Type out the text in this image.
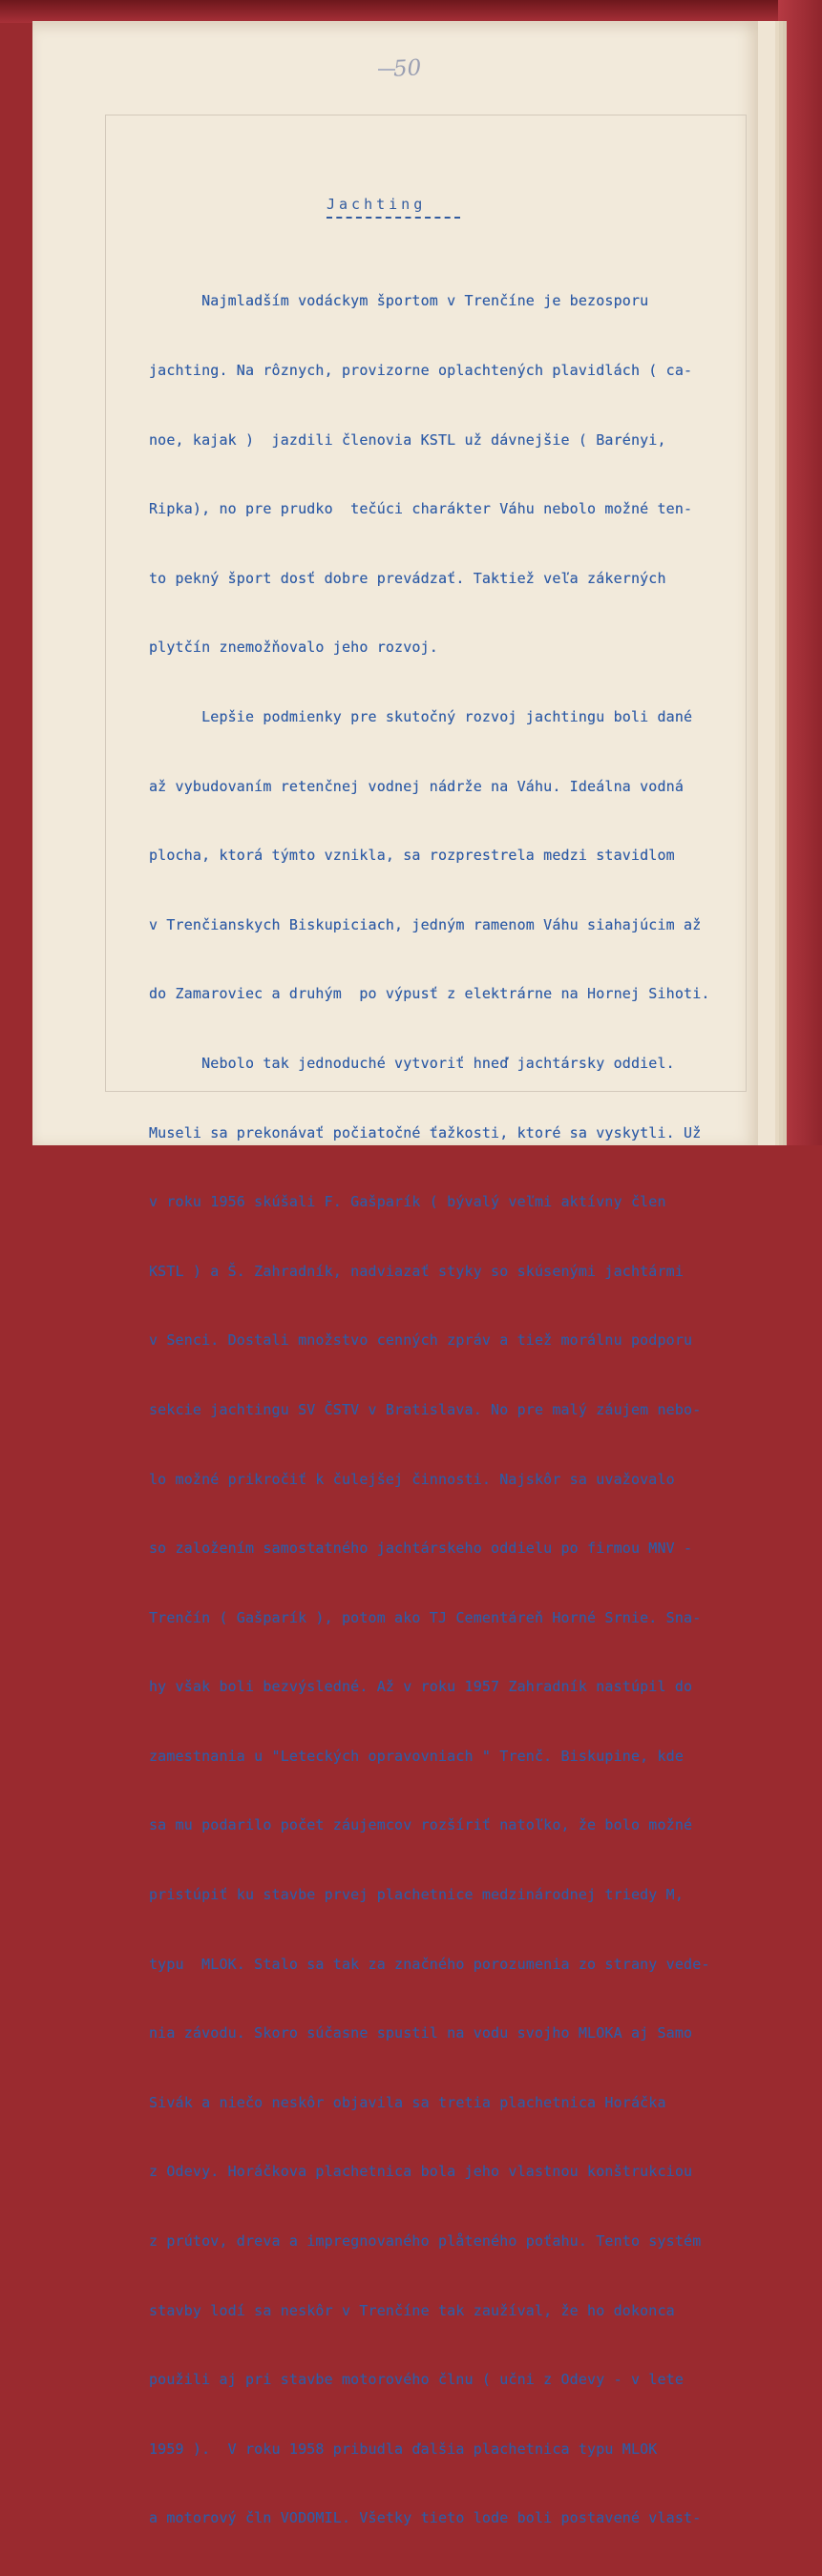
50
Jachting

Najmladším vodáckym športom v Trenčíne je bezosporu

jachting. Na rôznych, provizorne oplachtených plavidlách ( ca-

noe, kajak )  jazdili členovia KSTL už dávnejšie ( Barényi,

Ripka), no pre prudko  tečúci charákter Váhu nebolo možné ten-

to pekný šport dosť dobre prevádzať. Taktiež veľa zákerných

plytčín znemožňovalo jeho rozvoj.

Lepšie podmienky pre skutočný rozvoj jachtingu boli dané

až vybudovaním retenčnej vodnej nádrže na Váhu. Ideálna vodná

plocha, ktorá týmto vznikla, sa rozprestrela medzi stavidlom

v Trenčianskych Biskupiciach, jedným ramenom Váhu siahajúcim až

do Zamaroviec a druhým  po výpusť z elektrárne na Hornej Sihoti.

Nebolo tak jednoduché vytvoriť hneď jachtársky oddiel.

Museli sa prekonávať počiatočné ťažkosti, ktoré sa vyskytli. Už

v roku 1956 skúšali F. Gašparík ( bývalý veľmi aktívny člen

KSTL ) a Š. Zahradník, nadviazať styky so skúsenými jachtármi

v Senci. Dostali množstvo cenných zpráv a tiež morálnu podporu

sekcie jachtingu SV ČSTV v Bratislava. No pre malý záujem nebo-

lo možné prikročiť k čulejšej činnosti. Najskôr sa uvažovalo

so založením samostatného jachtárskeho oddielu po firmou MNV -

Trenčín ( Gašparík ), potom ako TJ Cementáreň Horné Srnie. Sna-

hy však boli bezvýsledné. Až v roku 1957 Zahradník nastúpil do

zamestnania u "Leteckých opravovniach " Trenč. Biskupine, kde

sa mu podarilo počet záujemcov rozšíriť natoľko, že bolo možné

pristúpiť ku stavbe prvej plachetnice medzinárodnej triedy M,

typu  MLOK. Stalo sa tak za značného porozumenia zo strany vede-

nia závodu. Skoro súčasne spustil na vodu svojho MLOKA aj Samo

Sivák a niečo neskôr objavila sa tretia plachetnica Horáčka

z Odevy. Horáčkova plachetnica bola jeho vlastnou konštrukciou

z prútov, dreva a impregnovaného plåteného poťahu. Tento systém

stavby lodí sa neskôr v Trenčíne tak zaužíval, že ho dokonca

použili aj pri stavbe motorového člnu ( učni z Odevy - v lete

1959 ).  V roku 1958 pribudla ďalšia plachetnica typu MLOK

a motorový čln VODOMIL. Všetky tieto lode boli postavené vlast-
